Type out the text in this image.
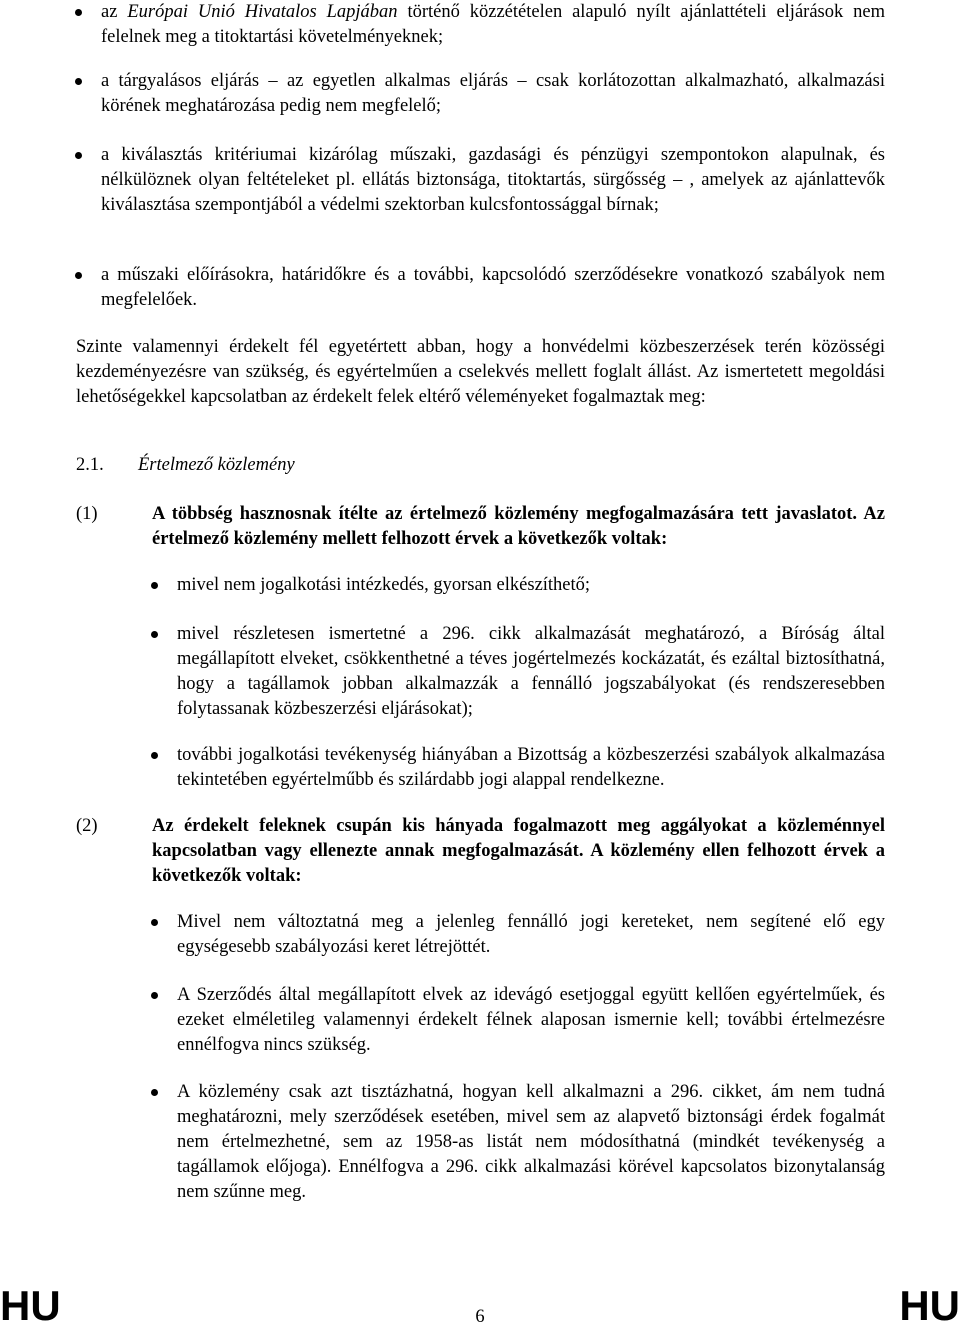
az Európai Unió Hivatalos Lapjában történő közzétételen alapuló nyílt ajánlattételi eljárások nem felelnek meg a titoktartási követelményeknek;

a tárgyalásos eljárás – az egyetlen alkalmas eljárás – csak korlátozottan alkalmazható, alkalmazási körének meghatározása pedig nem megfelelő;

a kiválasztás kritériumai kizárólag műszaki, gazdasági és pénzügyi szempontokon alapulnak, és nélkülöznek olyan feltételeket pl. ellátás biztonsága, titoktartás, sürgősség – , amelyek az ajánlattevők kiválasztása szempontjából a védelmi szektorban kulcsfontossággal bírnak;

a műszaki előírásokra, határidőkre és a további, kapcsolódó szerződésekre vonatkozó szabályok nem megfelelőek.

Szinte valamennyi érdekelt fél egyetértett abban, hogy a honvédelmi közbeszerzések terén közösségi kezdeményezésre van szükség, és egyértelműen a cselekvés mellett foglalt állást. Az ismertetett megoldási lehetőségekkel kapcsolatban az érdekelt felek eltérő véleményeket fogalmaztak meg:

2.1. Értelmező közlemény

(1)	A többség hasznosnak ítélte az értelmező közlemény megfogalmazására tett javaslatot. Az értelmező közlemény mellett felhozott érvek a következők voltak:

mivel nem jogalkotási intézkedés, gyorsan elkészíthető;

mivel részletesen ismertetné a 296. cikk alkalmazását meghatározó, a Bíróság által megállapított elveket, csökkenthetné a téves jogértelmezés kockázatát, és ezáltal biztosíthatná, hogy a tagállamok jobban alkalmazzák a fennálló jogszabályokat (és rendszeresebben folytassanak közbeszerzési eljárásokat);

további jogalkotási tevékenység hiányában a Bizottság a közbeszerzési szabályok alkalmazása tekintetében egyértelműbb és szilárdabb jogi alappal rendelkezne.

(2)	Az érdekelt feleknek csupán kis hányada fogalmazott meg aggályokat a közleménnyel kapcsolatban vagy ellenezte annak megfogalmazását. A közlemény ellen felhozott érvek a következők voltak:

Mivel nem változtatná meg a jelenleg fennálló jogi kereteket, nem segítené elő egy egységesebb szabályozási keret létrejöttét.

A Szerződés által megállapított elvek az idevágó esetjoggal együtt kellően egyértelműek, és ezeket elméletileg valamennyi érdekelt félnek alaposan ismernie kell; további értelmezésre ennélfogva nincs szükség.

A közlemény csak azt tisztázhatná, hogyan kell alkalmazni a 296. cikket, ám nem tudná meghatározni, mely szerződések esetében, mivel sem az alapvető biztonsági érdek fogalmát nem értelmezhetné, sem az 1958-as listát nem módosíthatná (mindkét tevékenység a tagállamok előjoga). Ennélfogva a 296. cikk alkalmazási körével kapcsolatos bizonytalanság nem szűnne meg.

HU	6	HU
